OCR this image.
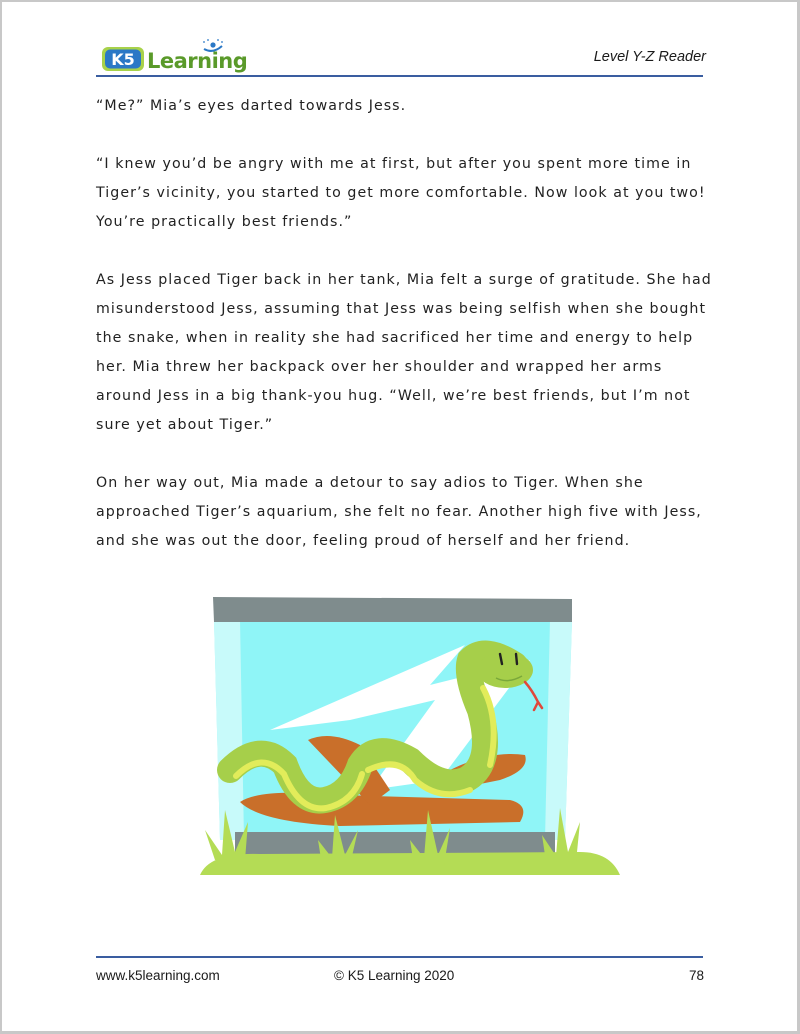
K5 Learning	Level Y-Z Reader

“Me?” Mia’s eyes darted towards Jess.

“I knew you’d be angry with me at first, but after you spent more time in Tiger’s vicinity, you started to get more comfortable. Now look at you two! You’re practically best friends.”

As Jess placed Tiger back in her tank, Mia felt a surge of gratitude. She had misunderstood Jess, assuming that Jess was being selfish when she bought the snake, when in reality she had sacrificed her time and energy to help her. Mia threw her backpack over her shoulder and wrapped her arms around Jess in a big thank-you hug. “Well, we’re best friends, but I’m not sure yet about Tiger.”

On her way out, Mia made a detour to say adios to Tiger. When she approached Tiger’s aquarium, she felt no fear. Another high five with Jess, and she was out the door, feeling proud of herself and her friend.

www.k5learning.com	© K5 Learning 2020	78
